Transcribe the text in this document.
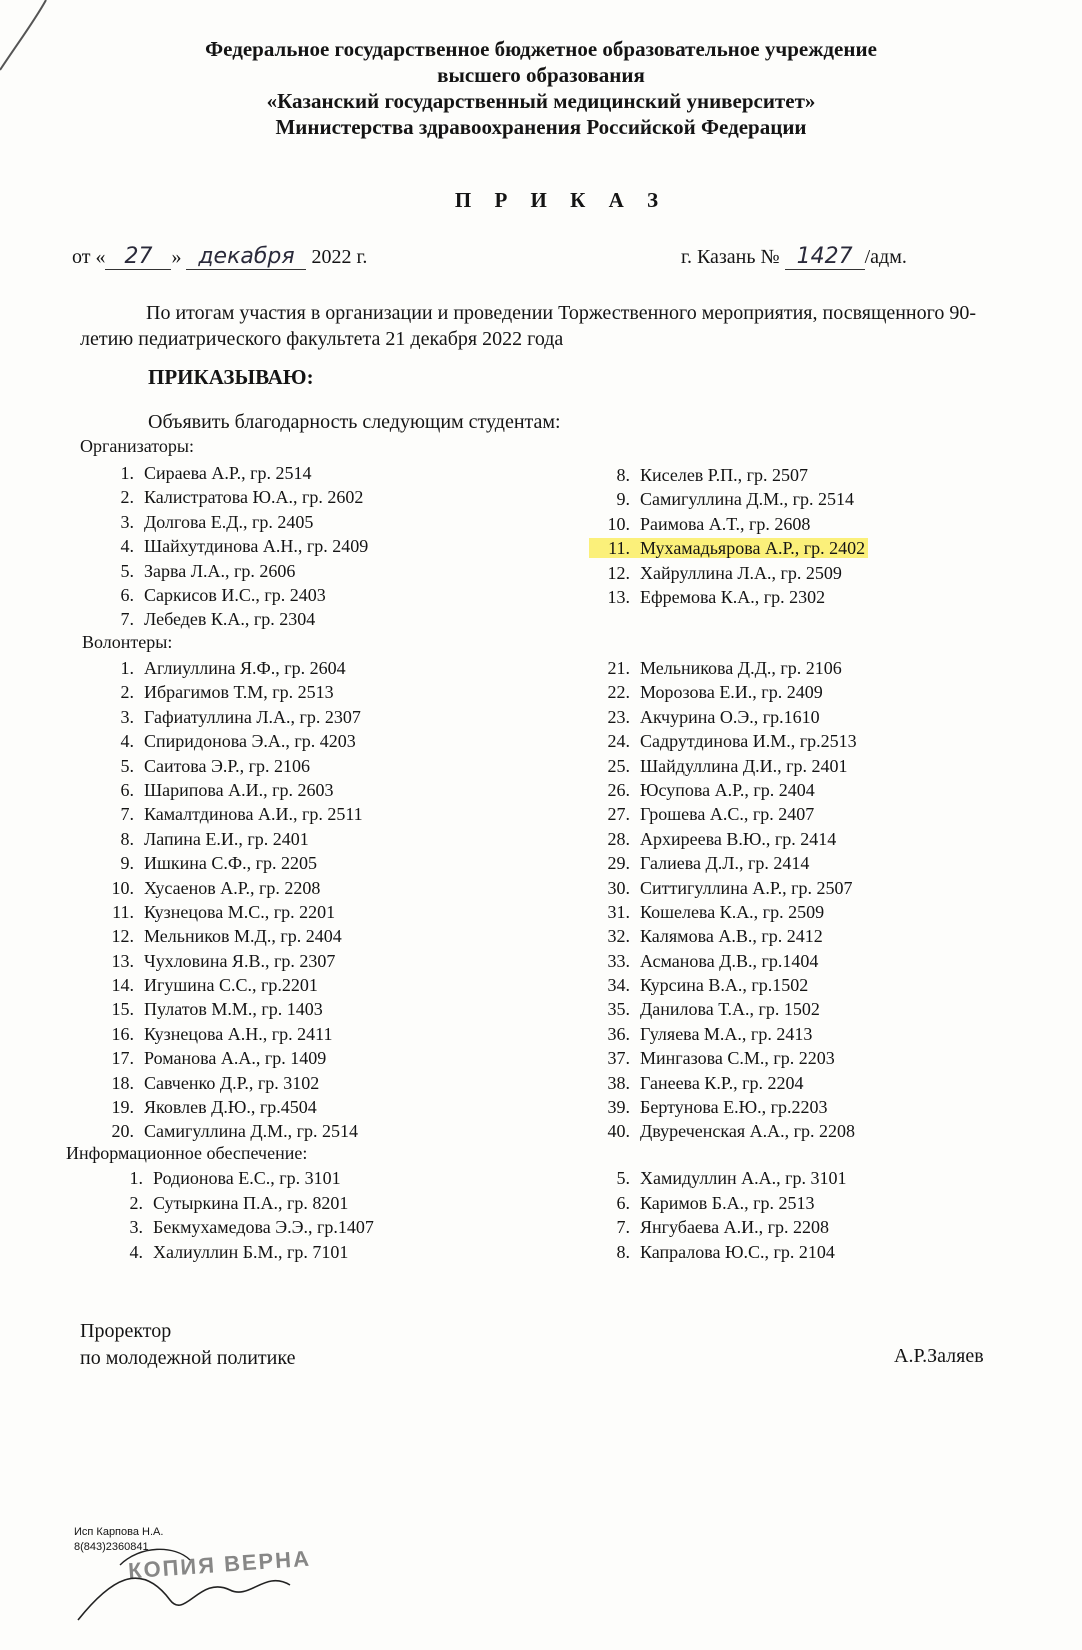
Федеральное государственное бюджетное образовательное учреждение
высшего образования
«Казанский государственный медицинский университет»
Министерства здравоохранения Российской Федерации
П Р И К А З
от « 27 » декабря 2022 г.	г. Казань № 1427 /адм.
По итогам участия в организации и проведении Торжественного мероприятия, посвященного 90-летию педиатрического факультета 21 декабря 2022 года
ПРИКАЗЫВАЮ:
Объявить благодарность следующим студентам:
Организаторы:
1. Сираева А.Р., гр. 2514
2. Калистратова Ю.А., гр. 2602
3. Долгова Е.Д., гр. 2405
4. Шайхутдинова А.Н., гр. 2409
5. Зарва Л.А., гр. 2606
6. Саркисов И.С., гр. 2403
7. Лебедев К.А., гр. 2304
8. Киселев Р.П., гр. 2507
9. Самигуллина Д.М., гр. 2514
10. Раимова А.Т., гр. 2608
11. Мухамадьярова А.Р., гр. 2402
12. Хайруллина Л.А., гр. 2509
13. Ефремова К.А., гр. 2302
Волонтеры:
1. Аглиуллина Я.Ф., гр. 2604
2. Ибрагимов Т.М, гр. 2513
3. Гафиатуллина Л.А., гр. 2307
4. Спиридонова Э.А., гр. 4203
5. Саитова Э.Р., гр. 2106
6. Шарипова А.И., гр. 2603
7. Камалтдинова А.И., гр. 2511
8. Лапина Е.И., гр. 2401
9. Ишкина С.Ф., гр. 2205
10. Хусаенов А.Р., гр. 2208
11. Кузнецова М.С., гр. 2201
12. Мельников М.Д., гр. 2404
13. Чухловина Я.В., гр. 2307
14. Игушина С.С., гр.2201
15. Пулатов М.М., гр. 1403
16. Кузнецова А.Н., гр. 2411
17. Романова А.А., гр. 1409
18. Савченко Д.Р., гр. 3102
19. Яковлев Д.Ю., гр.4504
20. Самигуллина Д.М., гр. 2514
21. Мельникова Д.Д., гр. 2106
22. Морозова Е.И., гр. 2409
23. Акчурина О.Э., гр.1610
24. Садрутдинова И.М., гр.2513
25. Шайдуллина Д.И., гр. 2401
26. Юсупова А.Р., гр. 2404
27. Грошева А.С., гр. 2407
28. Архиреева В.Ю., гр. 2414
29. Галиева Д.Л., гр. 2414
30. Ситтигуллина А.Р., гр. 2507
31. Кошелева К.А., гр. 2509
32. Калямова А.В., гр. 2412
33. Асманова Д.В., гр.1404
34. Курсина В.А., гр.1502
35. Данилова Т.А., гр. 1502
36. Гуляева М.А., гр. 2413
37. Мингазова С.М., гр. 2203
38. Ганеева К.Р., гр. 2204
39. Бертунова Е.Ю., гр.2203
40. Двуреченская А.А., гр. 2208
Информационное обеспечение:
1. Родионова Е.С., гр. 3101
2. Сутыркина П.А., гр. 8201
3. Бекмухамедова Э.Э., гр.1407
4. Халиуллин Б.М., гр. 7101
5. Хамидуллин А.А., гр. 3101
6. Каримов Б.А., гр. 2513
7. Янгубаева А.И., гр. 2208
8. Капралова Ю.С., гр. 2104
Проректор
по молодежной политике	А.Р.Заляев
Исп Карпова Н.А.
8(843)2360841
КОПИЯ ВЕРНА
